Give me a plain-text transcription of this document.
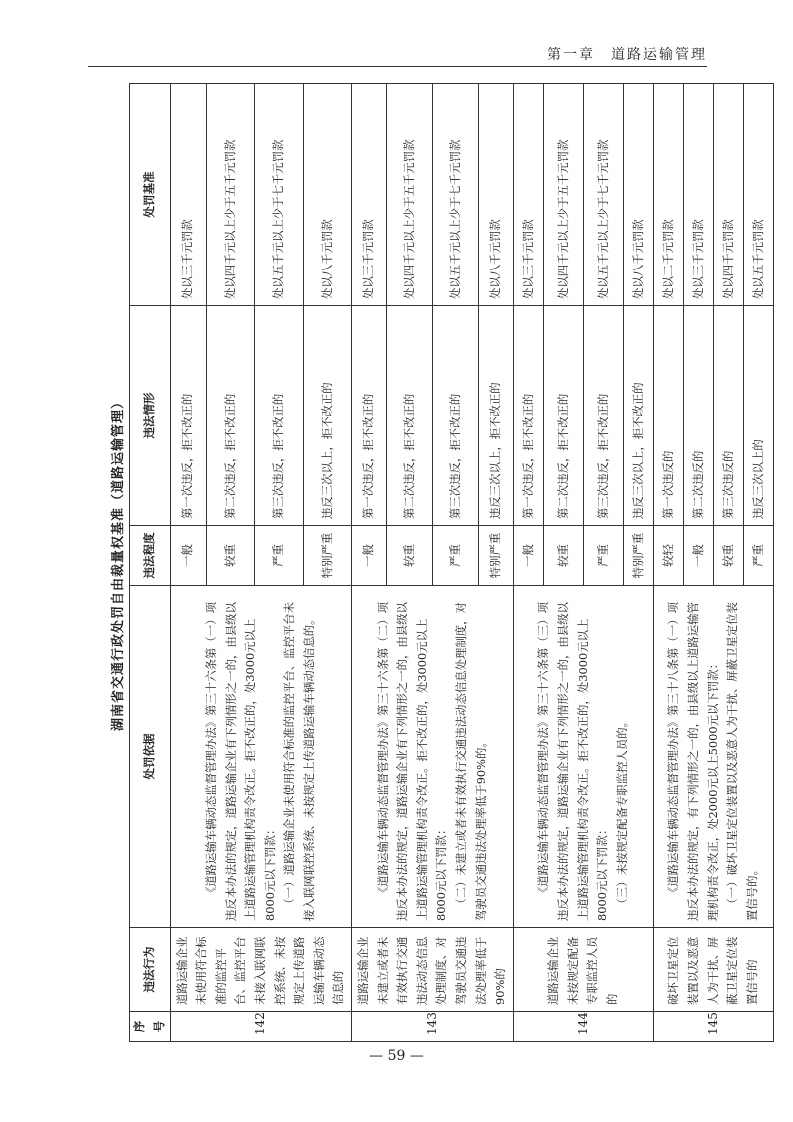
第一章　道路运输管理
湖南省交通行政处罚自由裁量权基准（道路运输管理）
序号	违法行为	处罚依据	违法程度	违法情形	处罚基准
142	道路运输企业未使用符合标准的监控平台、监控平台未接入联网联控系统、未按规定上传道路运输车辆动态信息的	《道路运输车辆动态监督管理办法》第三十六条第（一）项 违反本办法的规定，道路运输企业有下列情形之一的，由县级以上道路运输管理机构责令改正。拒不改正的，处3000元以上8000元以下罚款： （一）道路运输企业未使用符合标准的监控平台、监控平台未接入联网联控系统、未按规定上传道路运输车辆动态信息的。	一般	第一次违反，拒不改正的	处以三千元罚款
			较重	第二次违反，拒不改正的	处以四千元以上少于五千元罚款
			严重	第三次违反，拒不改正的	处以五千元以上少于七千元罚款
			特别严重	违反三次以上，拒不改正的	处以八千元罚款
143	道路运输企业未建立或者未有效执行交通违法动态信息处理制度、对驾驶员交通违法处理率低于90%的	《道路运输车辆动态监督管理办法》第三十六条第（二）项 违反本办法的规定，道路运输企业有下列情形之一的，由县级以上道路运输管理机构责令改正。拒不改正的，处3000元以上8000元以下罚款： （二）未建立或者未有效执行交通违法动态信息处理制度，对驾驶员交通违法处理率低于90%的。	一般	第一次违反，拒不改正的	处以三千元罚款
			较重	第二次违反，拒不改正的	处以四千元以上少于五千元罚款
			严重	第三次违反，拒不改正的	处以五千元以上少于七千元罚款
			特别严重	违反三次以上，拒不改正的	处以八千元罚款
144	道路运输企业未按规定配备专职监控人员的	《道路运输车辆动态监督管理办法》第三十六条第（三）项 违反本办法的规定，道路运输企业有下列情形之一的，由县级以上道路运输管理机构责令改正。拒不改正的，处3000元以上8000元以下罚款： （三）未按规定配备专职监控人员的。	一般	第一次违反，拒不改正的	处以三千元罚款
			较重	第二次违反，拒不改正的	处以四千元以上少于五千元罚款
			严重	第三次违反，拒不改正的	处以五千元以上少于七千元罚款
			特别严重	违反三次以上，拒不改正的	处以八千元罚款
145	破坏卫星定位装置以及恶意人为干扰、屏蔽卫星定位装置信号的	《道路运输车辆动态监督管理办法》第三十八条第（一）项 违反本办法的规定，有下列情形之一的，由县级以上道路运输管理机构责令改正，处2000元以上5000元以下罚款： （一）破坏卫星定位装置以及恶意人为干扰、屏蔽卫星定位装置信号的。	较轻	第一次违反的	处以二千元罚款
			一般	第二次违反的	处以三千元罚款
			较重	第三次违反的	处以四千元罚款
			严重	违反三次以上的	处以五千元罚款
— 59 —
